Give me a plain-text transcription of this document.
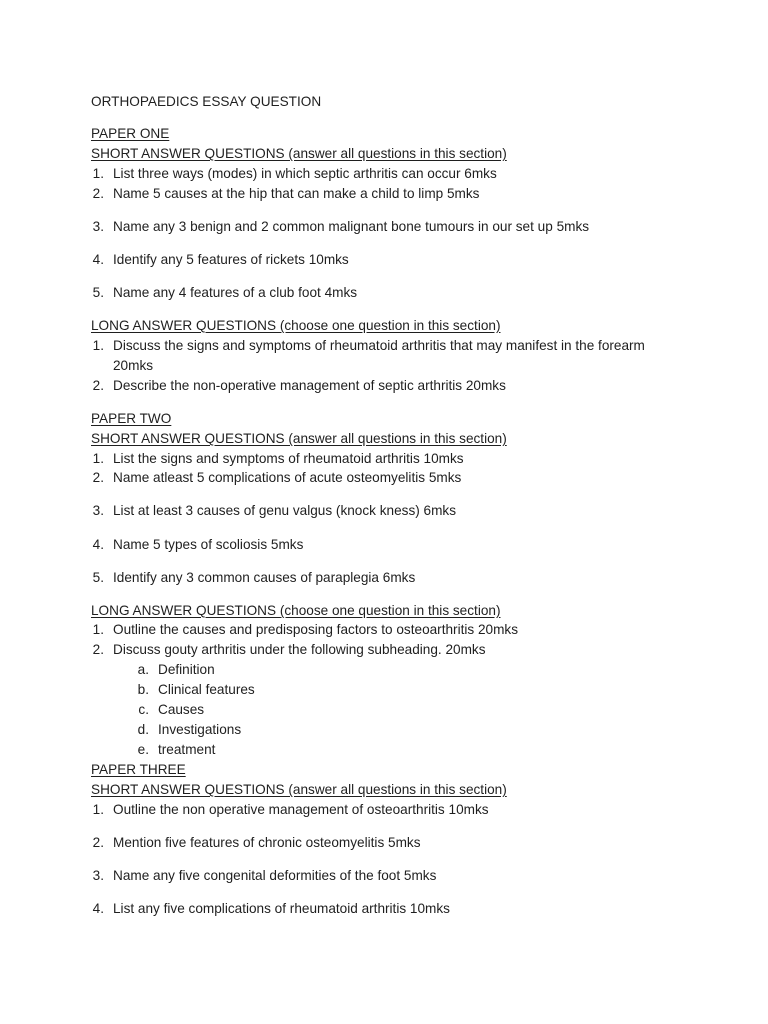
ORTHOPAEDICS ESSAY QUESTION
PAPER ONE
SHORT ANSWER QUESTIONS (answer all questions in this section)
1. List three ways (modes) in which septic arthritis can occur 6mks
2. Name 5 causes at the hip that can make a child to limp 5mks
3. Name any 3 benign and 2 common malignant bone tumours in our set up 5mks
4. Identify any 5 features of rickets 10mks
5. Name any 4 features of a club foot 4mks
LONG ANSWER QUESTIONS (choose one question in this section)
1. Discuss the signs and symptoms of rheumatoid arthritis that may manifest in the forearm
20mks
2. Describe the non-operative management of septic arthritis 20mks
PAPER TWO
SHORT ANSWER QUESTIONS (answer all questions in this section)
1. List the signs and symptoms of rheumatoid arthritis 10mks
2. Name atleast 5 complications of acute osteomyelitis 5mks
3. List at least 3 causes of genu valgus (knock kness) 6mks
4. Name 5 types of scoliosis 5mks
5. Identify any 3 common causes of paraplegia 6mks
LONG ANSWER QUESTIONS (choose one question in this section)
1. Outline the causes and predisposing factors to osteoarthritis 20mks
2. Discuss gouty arthritis under the following subheading. 20mks
a. Definition
b. Clinical features
c. Causes
d. Investigations
e. treatment
PAPER THREE
SHORT ANSWER QUESTIONS (answer all questions in this section)
1. Outline the non operative management of osteoarthritis 10mks
2. Mention five features of chronic osteomyelitis 5mks
3. Name any five congenital deformities of the foot 5mks
4. List any five complications of rheumatoid arthritis 10mks
